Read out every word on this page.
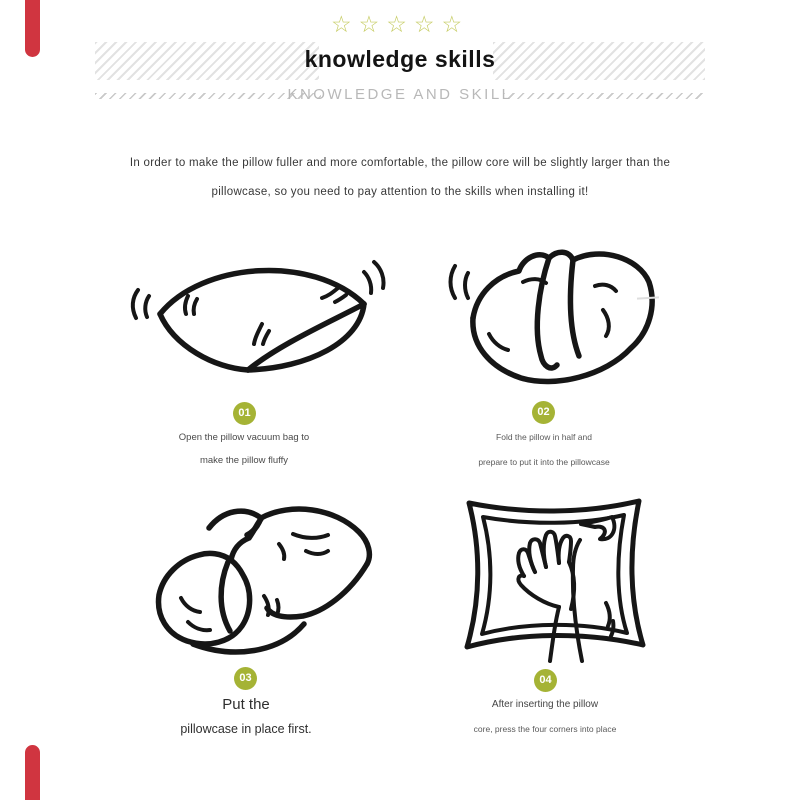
☆☆☆☆☆
knowledge skills
KNOWLEDGE AND SKILL
In order to make the pillow fuller and more comfortable, the pillow core will be slightly larger than the
pillowcase, so you need to pay attention to the skills when installing it!
01	02
03	04
Open the pillow vacuum bag to
make the pillow fluffy
Fold the pillow in half and
prepare to put it into the pillowcase
Put the
pillowcase in place first.
After inserting the pillow
core, press the four corners into place
